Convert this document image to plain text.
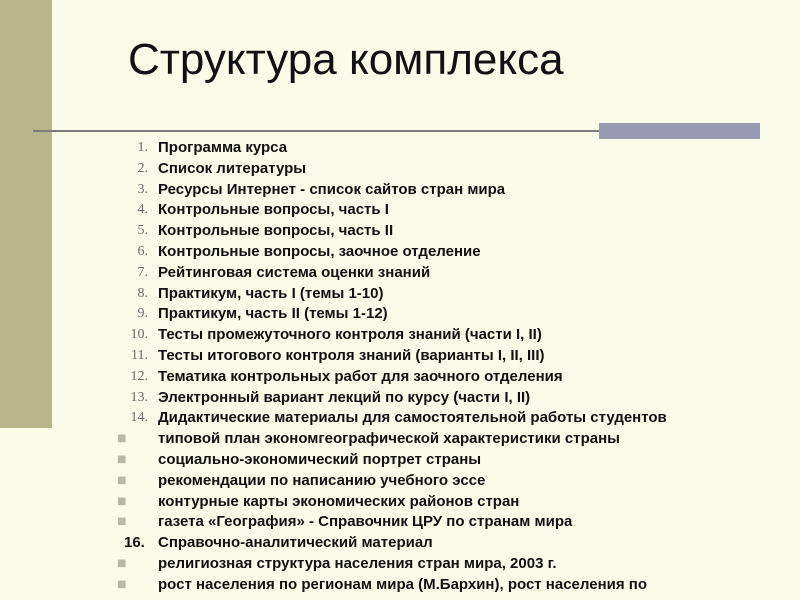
Структура комплекса
1. Программа курса
2. Список литературы
3. Ресурсы Интернет - список сайтов стран мира
4. Контрольные вопросы, часть I
5. Контрольные вопросы, часть II
6. Контрольные вопросы, заочное отделение
7. Рейтинговая система оценки знаний
8. Практикум, часть I (темы 1-10)
9. Практикум, часть II (темы 1-12)
10. Тесты промежуточного контроля знаний (части I, II)
11. Тесты итогового контроля знаний (варианты I, II, III)
12. Тематика контрольных работ для заочного отделения
13. Электронный вариант лекций по курсу (части I, II)
14. Дидактические материалы для самостоятельной работы студентов
■ типовой план экономгеографической характеристики страны
■ социально-экономический портрет страны
■ рекомендации по написанию учебного эссе
■ контурные карты экономических районов стран
■ газета «География» - Справочник ЦРУ по странам мира
16. Справочно-аналитический материал
■ религиозная структура населения стран мира, 2003 г.
■ рост населения по регионам мира (М.Бархин), рост населения по
